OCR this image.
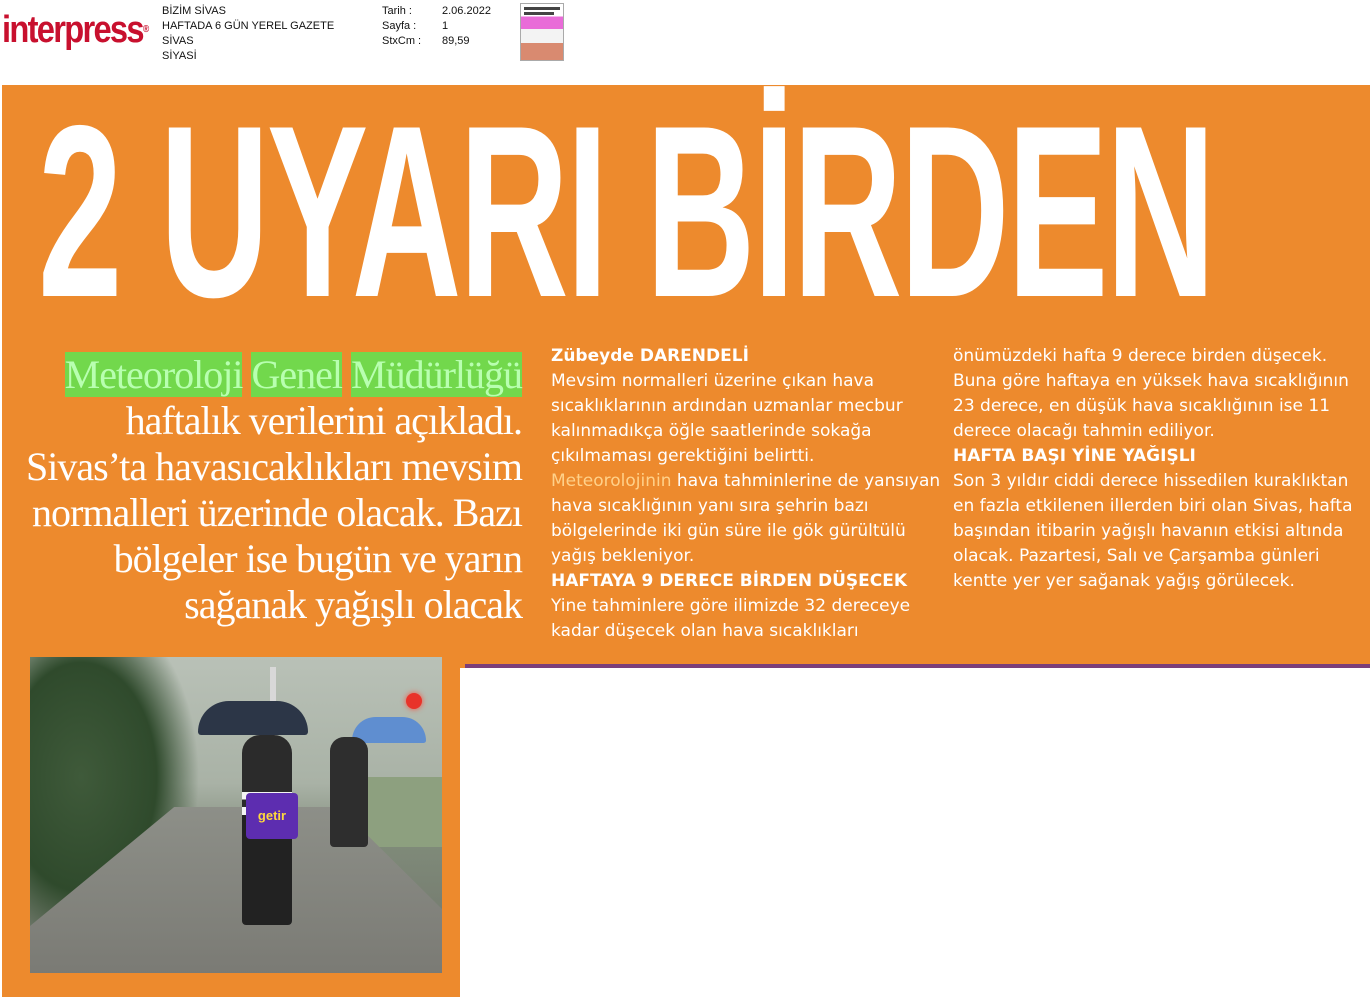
interpress®
BİZİM SİVAS
HAFTADA 6 GÜN YEREL GAZETE
SİVAS
SİYASİ
Tarih :	2.06.2022
Sayfa :	1
StxCm :	89,59
2 UYARI BİRDEN
Meteoroloji Genel Müdürlüğü haftalık verilerini açıkladı. Sivas’ta havasıcaklıkları mevsim normalleri üzerinde olacak. Bazı bölgeler ise bugün ve yarın sağanak yağışlı olacak
Zübeyde DARENDELİ
Mevsim normalleri üzerine çıkan hava sıcaklıklarının ardından uzmanlar mecbur kalınmadıkça öğle saatlerinde sokağa çıkılmaması gerektiğini belirtti.
Meteorolojinin hava tahminlerine de yansıyan hava sıcaklığının yanı sıra şehrin bazı bölgelerinde iki gün süre ile gök gürültülü yağış bekleniyor.
HAFTAYA 9 DERECE BİRDEN DÜŞECEK
Yine tahminlere göre ilimizde 32 dereceye kadar düşecek olan hava sıcaklıkları
önümüzdeki hafta 9 derece birden düşecek. Buna göre haftaya en yüksek hava sıcaklığının 23 derece, en düşük hava sıcaklığının ise 11 derece olacağı tahmin ediliyor.
HAFTA BAŞI YİNE YAĞIŞLI
Son 3 yıldır ciddi derece hissedilen kuraklıktan en fazla etkilenen illerden biri olan Sivas, hafta başından itibarin yağışlı havanın etkisi altında olacak. Pazartesi, Salı ve Çarşamba günleri kentte yer yer sağanak yağış görülecek.
getir
